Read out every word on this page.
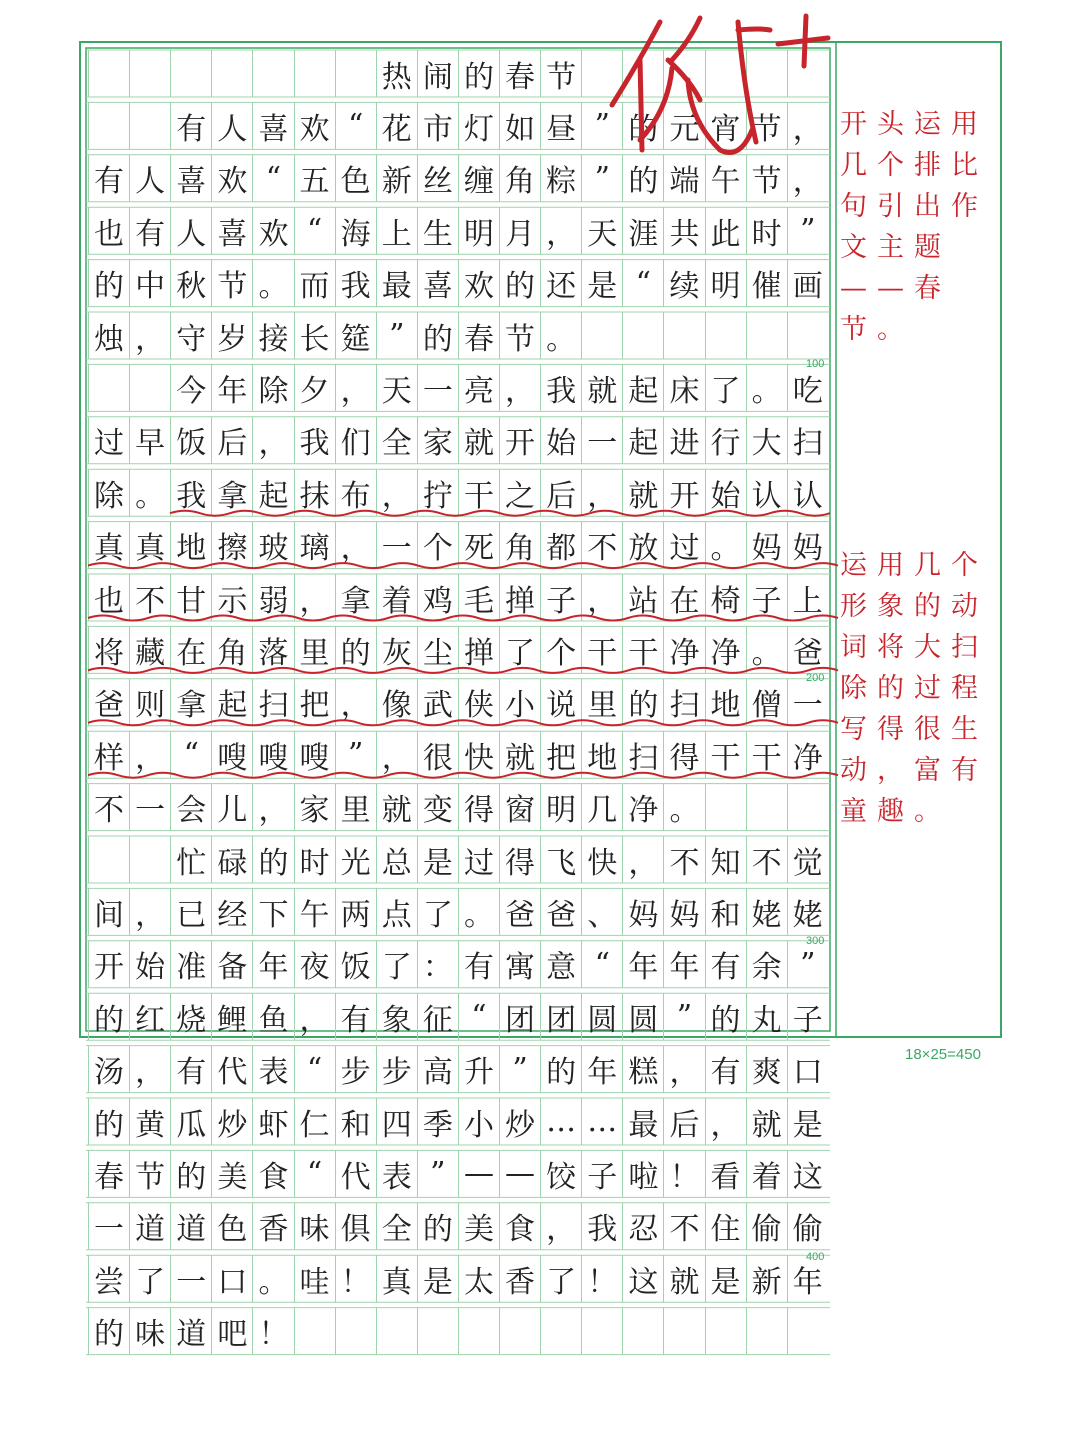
热 闹 的 春 节
有 人 喜 欢 “ 花 市 灯 如 昼 ” 的 元 宵 节 ，
有 人 喜 欢 “ 五 色 新 丝 缠 角 粽 ” 的 端 午 节 ，
也 有 人 喜 欢 “ 海 上 生 明 月 ， 天 涯 共 此 时 ”
的 中 秋 节 。 而 我 最 喜 欢 的 还 是 “ 续 明 催 画
烛 ， 守 岁 接 长 筵 ” 的 春 节 。
今 年 除 夕 ， 天 一 亮 ， 我 就 起 床 了 。 吃
过 早 饭 后 ， 我 们 全 家 就 开 始 一 起 进 行 大 扫
除 。 我 拿 起 抹 布 ， 拧 干 之 后 ， 就 开 始 认 认
真 真 地 擦 玻 璃 ， 一 个 死 角 都 不 放 过 。 妈 妈
也 不 甘 示 弱 ， 拿 着 鸡 毛 掸 子 ， 站 在 椅 子 上
将 藏 在 角 落 里 的 灰 尘 掸 了 个 干 干 净 净 。 爸
爸 则 拿 起 扫 把 ， 像 武 侠 小 说 里 的 扫 地 僧 一
样 ， “ 嗖 嗖 嗖 ” ， 很 快 就 把 地 扫 得 干 干 净
不 一 会 儿 ， 家 里 就 变 得 窗 明 几 净 。
忙 碌 的 时 光 总 是 过 得 飞 快 ， 不 知 不 觉
间 ， 已 经 下 午 两 点 了 。 爸 爸 、 妈 妈 和 姥 姥
开 始 准 备 年 夜 饭 了 ： 有 寓 意 “ 年 年 有 余 ”
的 红 烧 鲤 鱼 ， 有 象 征 “ 团 团 圆 圆 ” 的 丸 子
汤 ， 有 代 表 “ 步 步 高 升 ” 的 年 糕 ， 有 爽 口
的 黄 瓜 炒 虾 仁 和 四 季 小 炒 … … 最 后 ， 就 是
春 节 的 美 食 “ 代 表 ” — — 饺 子 啦 ！ 看 着 这
一 道 道 色 香 味 俱 全 的 美 食 ， 我 忍 不 住 偷 偷
尝 了 一 口 。 哇 ！ 真 是 太 香 了 ！ 这 就 是 新 年
的 味 道 吧 ！
开头运用几个排比句引出作文主题——春节。
运用几个形象的动词将大扫除的过程写得很生动，富有童趣。
100
200
300
400
18×25=450
